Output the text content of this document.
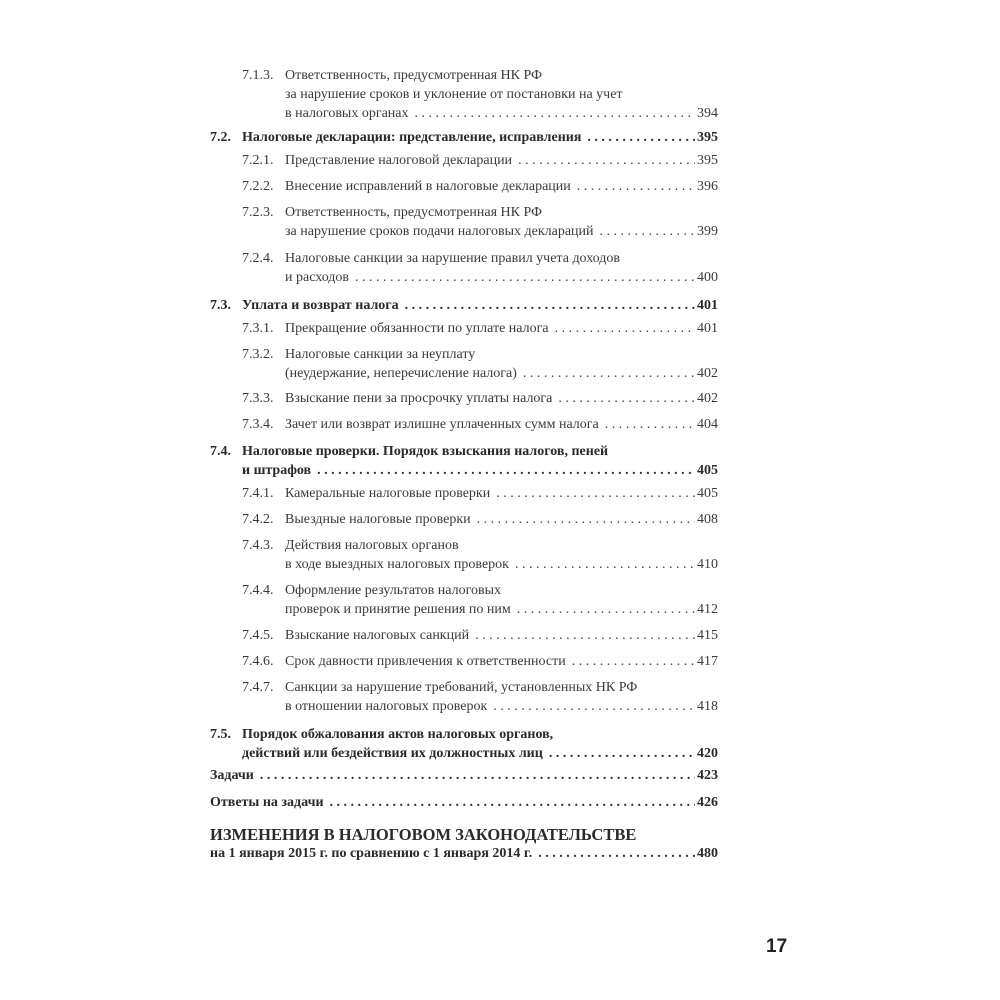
7.1.3. Ответственность, предусмотренная НК РФ
за нарушение сроков и уклонение от постановки на учет
в налоговых органах . . .	394
7.2. Налоговые декларации: представление, исправления . . .	395
7.2.1. Представление налоговой декларации . . .	395
7.2.2. Внесение исправлений в налоговые декларации . . .	396
7.2.3. Ответственность, предусмотренная НК РФ
за нарушение сроков подачи налоговых деклараций . . .	399
7.2.4. Налоговые санкции за нарушение правил учета доходов
и расходов . . .	400
7.3. Уплата и возврат налога . . .	401
7.3.1. Прекращение обязанности по уплате налога . . .	401
7.3.2. Налоговые санкции за неуплату
(неудержание, неперечисление налога) . . .	402
7.3.3. Взыскание пени за просрочку уплаты налога . . .	402
7.3.4. Зачет или возврат излишне уплаченных сумм налога . . .	404
7.4. Налоговые проверки. Порядок взыскания налогов, пеней
и штрафов . . .	405
7.4.1. Камеральные налоговые проверки . . .	405
7.4.2. Выездные налоговые проверки . . .	408
7.4.3. Действия налоговых органов
в ходе выездных налоговых проверок . . .	410
7.4.4. Оформление результатов налоговых
проверок и принятие решения по ним . . .	412
7.4.5. Взыскание налоговых санкций . . .	415
7.4.6. Срок давности привлечения к ответственности . . .	417
7.4.7. Санкции за нарушение требований, установленных НК РФ
в отношении налоговых проверок . . .	418
7.5. Порядок обжалования актов налоговых органов,
действий или бездействия их должностных лиц . . .	420
Задачи . . .	423
Ответы на задачи . . .	426
ИЗМЕНЕНИЯ В НАЛОГОВОМ ЗАКОНОДАТЕЛЬСТВЕ
на 1 января 2015 г. по сравнению с 1 января 2014 г. . . .	480
17
